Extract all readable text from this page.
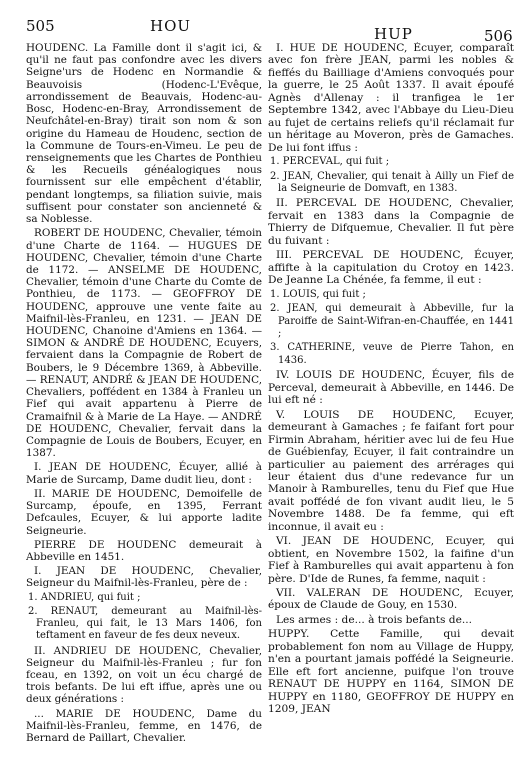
505	HOU	HUP	506

HOUDENC. La Famille dont il s'agit ici, & qu'il ne faut pas confondre avec les divers Seigne'urs de Hodenc en Normandie & Beauvoisis (Hodenc-L'Evêque, arrondissement de Beauvais, Hodenc-au-Bosc, Hodenc-en-Bray, Arrondissement de Neufchâtel-en-Bray) tirait son nom & son origine du Hameau de Houdenc, section de la Commune de Tours-en-Vimeu. Le peu de renseignements que les Chartes de Ponthieu & les Recueils généalogiques nous fournissent sur elle empêchent d'établir, pendant longtemps, sa filiation suivie, mais suffisent pour constater son ancienneté & sa Noblesse.

ROBERT DE HOUDENC, Chevalier, témoin d'une Charte de 1164. — HUGUES DE HOUDENC, Chevalier, témoin d'une Charte de 1172. — ANSELME DE HOUDENC, Chevalier, témoin d'une Charte du Comte de Ponthieu, de 1173. — GEOFFROY DE HOUDENC, approuve une vente faite au Maifnil-lès-Franleu, en 1231. — JEAN DE HOUDENC, Chanoine d'Amiens en 1364. — SIMON & ANDRÉ DE HOUDENC, Ecuyers, fervaient dans la Compagnie de Robert de Boubers, le 9 Décembre 1369, à Abbeville. — RENAUT, ANDRÉ & JEAN DE HOUDENC, Chevaliers, poffédent en 1384 à Franleu un Fief qui avait appartenu à Pierre de Cramaifnil & à Marie de La Haye. — ANDRÉ DE HOUDENC, Chevalier, fervait dans la Compagnie de Louis de Boubers, Ecuyer, en 1387.

I. JEAN DE HOUDENC, Écuyer, allié à Marie de Surcamp, Dame dudit lieu, dont :

II. MARIE DE HOUDENC, Demoifelle de Surcamp, époufe, en 1395, Ferrant Defcaules, Ecuyer, & lui apporte ladite Seigneurie.

PIERRE DE HOUDENC demeurait à Abbeville en 1451.

I. JEAN DE HOUDENC, Chevalier, Seigneur du Maifnil-lès-Franleu, père de :

1. ANDRIEU, qui fuit ;

2. RENAUT, demeurant au Maifnil-lès-Franleu, qui fait, le 13 Mars 1406, fon teftament en faveur de fes deux neveux.

II. ANDRIEU DE HOUDENC, Chevalier, Seigneur du Maifnil-lès-Franleu ; fur fon fceau, en 1392, on voit un écu chargé de trois befants. De lui eft iffue, après une ou deux générations :

... MARIE DE HOUDENC, Dame du Maifnil-lès-Franleu, femme, en 1476, de Bernard de Paillart, Chevalier.

I. HUE DE HOUDENC, Écuyer, comparaît avec fon frère JEAN, parmi les nobles & fieffés du Bailliage d'Amiens convoqués pour la guerre, le 25 Août 1337. Il avait époufé Agnès d'Allenay : il tranfigea le 1er Septembre 1342, avec l'Abbaye du Lieu-Dieu au fujet de certains reliefs qu'il réclamait fur un héritage au Moveron, près de Gamaches. De lui font iffus :

1. PERCEVAL, qui fuit ;

2. JEAN, Chevalier, qui tenait à Ailly un Fief de la Seigneurie de Domvaft, en 1383.

II. PERCEVAL DE HOUDENC, Chevalier, fervait en 1383 dans la Compagnie de Thierry de Difquemue, Chevalier. Il fut père du fuivant :

III. PERCEVAL DE HOUDENC, Écuyer, affifte à la capitulation du Crotoy en 1423. De Jeanne La Chénée, fa femme, il eut :

1. LOUIS, qui fuit ;

2. JEAN, qui demeurait à Abbeville, fur la Paroiffe de Saint-Wifran-en-Chauffée, en 1441 ;

3. CATHERINE, veuve de Pierre Tahon, en 1436.

IV. LOUIS DE HOUDENC, Écuyer, fils de Perceval, demeurait à Abbeville, en 1446. De lui eft né :

V. LOUIS DE HOUDENC, Ecuyer, demeurant à Gamaches ; fe faifant fort pour Firmin Abraham, héritier avec lui de feu Hue de Guébienfay, Ecuyer, il fait contraindre un particulier au paiement des arrérages qui leur étaient dus d'une redevance fur un Manoir à Ramburelles, tenu du Fief que Hue avait poffédé de fon vivant audit lieu, le 5 Novembre 1488. De fa femme, qui eft inconnue, il avait eu :

VI. JEAN DE HOUDENC, Ecuyer, qui obtient, en Novembre 1502, la faifine d'un Fief à Ramburelles qui avait appartenu à fon père. D'Ide de Runes, fa femme, naquit :

VII. VALERAN DE HOUDENC, Ecuyer, époux de Claude de Gouy, en 1530.

Les armes : de... à trois befants de...

HUPPY. Cette Famille, qui devait probablement fon nom au Village de Huppy, n'en a pourtant jamais poffédé la Seigneurie. Elle eft fort ancienne, puifque l'on trouve RENAUT DE HUPPY en 1164, SIMON DE HUPPY en 1180, GEOFFROY DE HUPPY en 1209, JEAN
